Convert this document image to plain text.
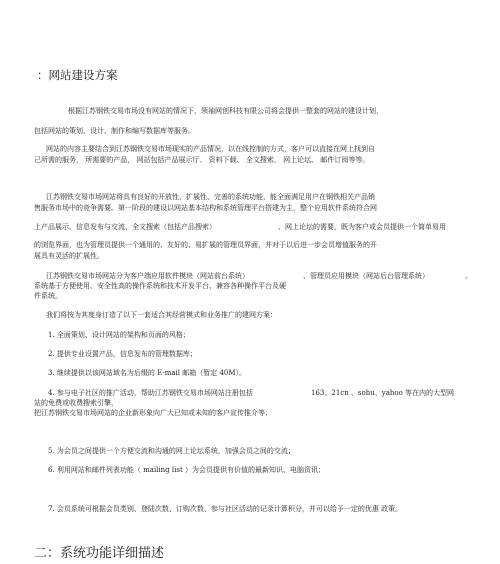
：网站建设方案

根据江苏钢铁交易市场没有网站的情况下，领袖网创科技有限公司将会提供一整套的网站的建设计划，

包括网站的策划、设计、制作和编写数据库等服务。

网站的内容主要结合到江苏钢铁交易市场现实的产品情况，以在线控制的方式，客户可以直接在网上找到自

己所需的服务， 所需要的产品， 网站包括产品展示厅、 资料下载、 全文搜索、 网上论坛、 邮件订阅等等。

江苏钢铁交易市场网站将具有良好的开放性、扩展性、完善的系统功能，能全面满足用户在钢铁相关产品销

售服务市场中的竞争需要。第一阶段的建设以网站基本结构和系统管理平台搭建为主，整个应用软件系统符合网

上产品展示、信息发布与交流、全文搜索（包括产品搜索）	、网上论坛的需要，既为客户或会员提供一个简单易用

的浏览界面，也为管理员提供一个通用的、友好的、易扩展的管理员界面，并对于以后进一步会员增值服务的开

展具有灵活的扩展性。

江苏钢铁交易市场网站分为客户端应用软件模块（网站前台系统）	、管理员应用模块（网站后台管理系统）	。

系统基于方便使用、安全性高的操作系统和技术开发平台、兼容各种操作平台及硬

件系统。

我们将按为其度身订造了以下一套适合其经营模式和业务推广的建网方案：

1. 全面策划、设计网站的架构和页面的风格；

2. 提供专业设置产品，信息发布的管理数据库；

3. 继续提供以该网站域名为后缀的 E-mail 邮箱（暂定 40M）。

4. 参与电子社区的推广活动，帮助江苏钢铁交易市场网站注册包括	163、21cn 、sohu、yahoo 等在内的大型网

站的免费或收费搜索引擎，

把江苏钢铁交易市场网站的企业新形象向广大已知或未知的客户宣传推介等；

5. 为会员之间提供一个方便交流和沟通的网上论坛系统，加强会员之间的交流；

6. 利用网站和邮件列表功能（ mailing list ）为会员提供有价值的最新知识、电脑资讯；

7. 会员系统可根据会员类别、登陆次数、订购次数、参与社区活动的记录计算积分，并可以给予一定的优惠 政策。

二：系统功能详细描述
